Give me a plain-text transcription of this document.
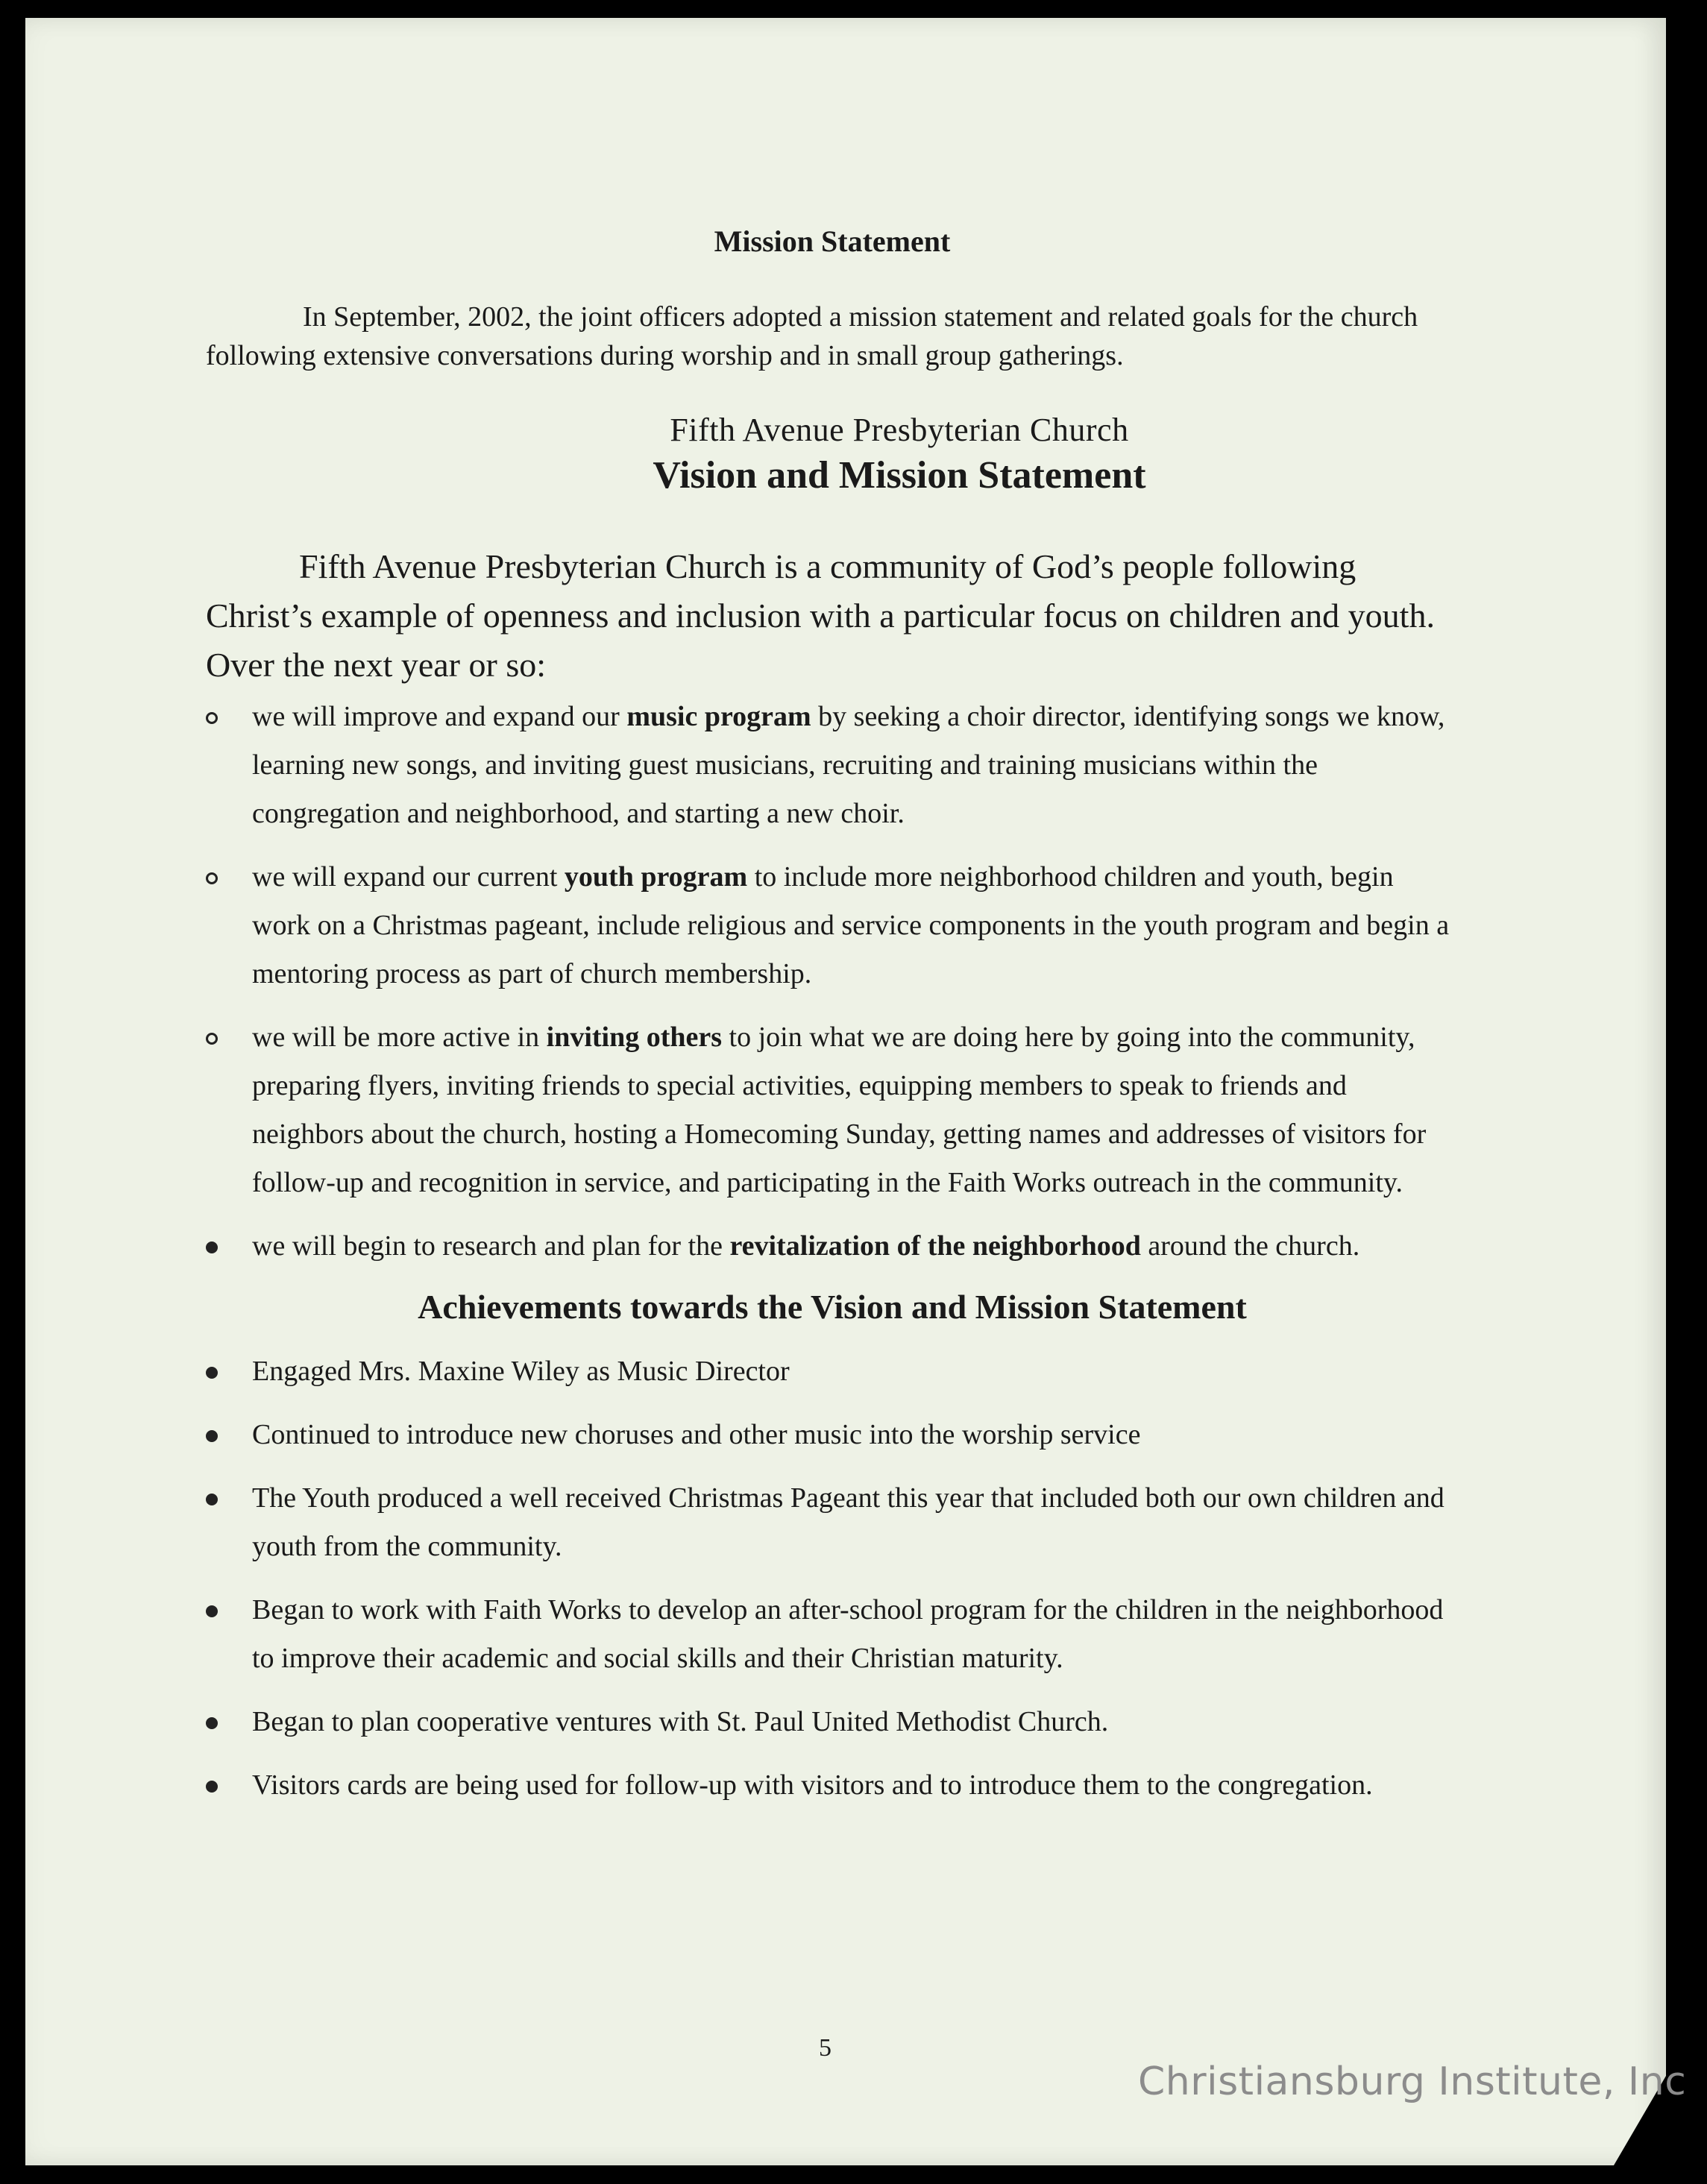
Mission Statement

In September, 2002, the joint officers adopted a mission statement and related goals for the church following extensive conversations during worship and in small group gatherings.

Fifth Avenue Presbyterian Church
Vision and Mission Statement

Fifth Avenue Presbyterian Church is a community of God’s people following Christ’s example of openness and inclusion with a particular focus on children and youth. Over the next year or so:

we will improve and expand our music program by seeking a choir director, identifying songs we know, learning new songs, and inviting guest musicians, recruiting and training musicians within the congregation and neighborhood, and starting a new choir.
we will expand our current youth program to include more neighborhood children and youth, begin work on a Christmas pageant, include religious and service components in the youth program and begin a mentoring process as part of church membership.
we will be more active in inviting others to join what we are doing here by going into the community, preparing flyers, inviting friends to special activities, equipping members to speak to friends and neighbors about the church, hosting a Homecoming Sunday, getting names and addresses of visitors for follow-up and recognition in service, and participating in the Faith Works outreach in the community.
we will begin to research and plan for the revitalization of the neighborhood around the church.
Achievements towards the Vision and Mission Statement
Engaged Mrs. Maxine Wiley as Music Director
Continued to introduce new choruses and other music into the worship service
The Youth produced a well received Christmas Pageant this year that included both our own children and youth from the community.
Began to work with Faith Works to develop an after-school program for the children in the neighborhood to improve their academic and social skills and their Christian maturity.
Began to plan cooperative ventures with St. Paul United Methodist Church.
Visitors cards are being used for follow-up with visitors and to introduce them to the congregation.
5
Christiansburg Institute, Inc
